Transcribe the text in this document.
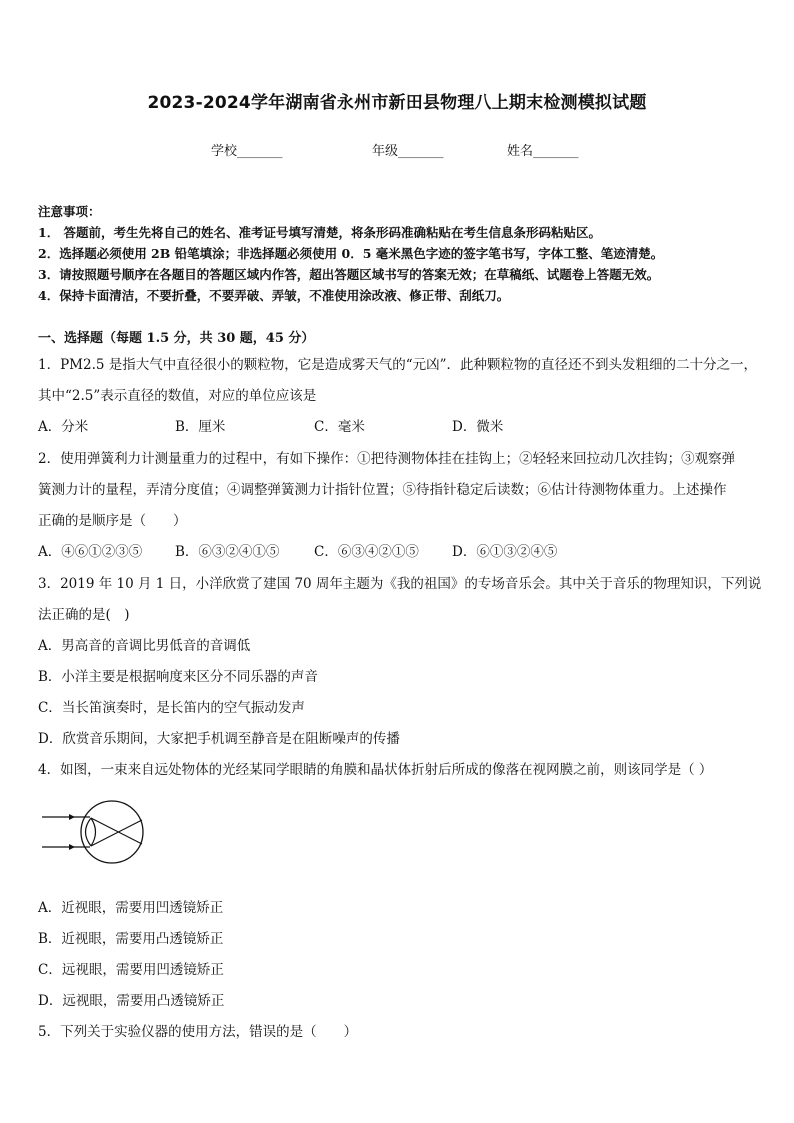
2023-2024学年湖南省永州市新田县物理八上期末检测模拟试题
学校_______	年级_______	姓名_______
注意事项：
1． 答题前，考生先将自己的姓名、准考证号填写清楚，将条形码准确粘贴在考生信息条形码粘贴区。
2．选择题必须使用 2B 铅笔填涂；非选择题必须使用 0．5 毫米黑色字迹的签字笔书写，字体工整、笔迹清楚。
3．请按照题号顺序在各题目的答题区域内作答，超出答题区域书写的答案无效；在草稿纸、试题卷上答题无效。
4．保持卡面清洁，不要折叠，不要弄破、弄皱，不准使用涂改液、修正带、刮纸刀。
一、选择题（每题 1.5 分，共 30 题，45 分）
1．PM2.5 是指大气中直径很小的颗粒物，它是造成雾天气的“元凶”．此种颗粒物的直径还不到头发粗细的二十分之一，
其中“2.5”表示直径的数值，对应的单位应该是
A．分米	B．厘米	C．毫米	D．微米
2．使用弹簧利力计测量重力的过程中，有如下操作：①把待测物体挂在挂钩上；②轻轻来回拉动几次挂钩；③观察弹
簧测力计的量程，弄清分度值；④调整弹簧测力计指针位置；⑤待指针稳定后读数；⑥估计待测物体重力。上述操作
正确的是顺序是（　　）
A．④⑥①②③⑤ B．⑥③②④①⑤	C．⑥③④②①⑤ D．⑥①③②④⑤
3．2019 年 10 月 1 日，小洋欣赏了建国 70 周年主题为《我的祖国》的专场音乐会。其中关于音乐的物理知识，下列说
法正确的是(　)
A．男高音的音调比男低音的音调低
B．小洋主要是根据响度来区分不同乐器的声音
C．当长笛演奏时，是长笛内的空气振动发声
D．欣赏音乐期间，大家把手机调至静音是在阻断噪声的传播
4．如图，一束来自远处物体的光经某同学眼睛的角膜和晶状体折射后所成的像落在视网膜之前，则该同学是（ ）
A．近视眼，需要用凹透镜矫正
B．近视眼，需要用凸透镜矫正
C．远视眼，需要用凹透镜矫正
D．远视眼，需要用凸透镜矫正
5．下列关于实验仪器的使用方法，错误的是（　　）
